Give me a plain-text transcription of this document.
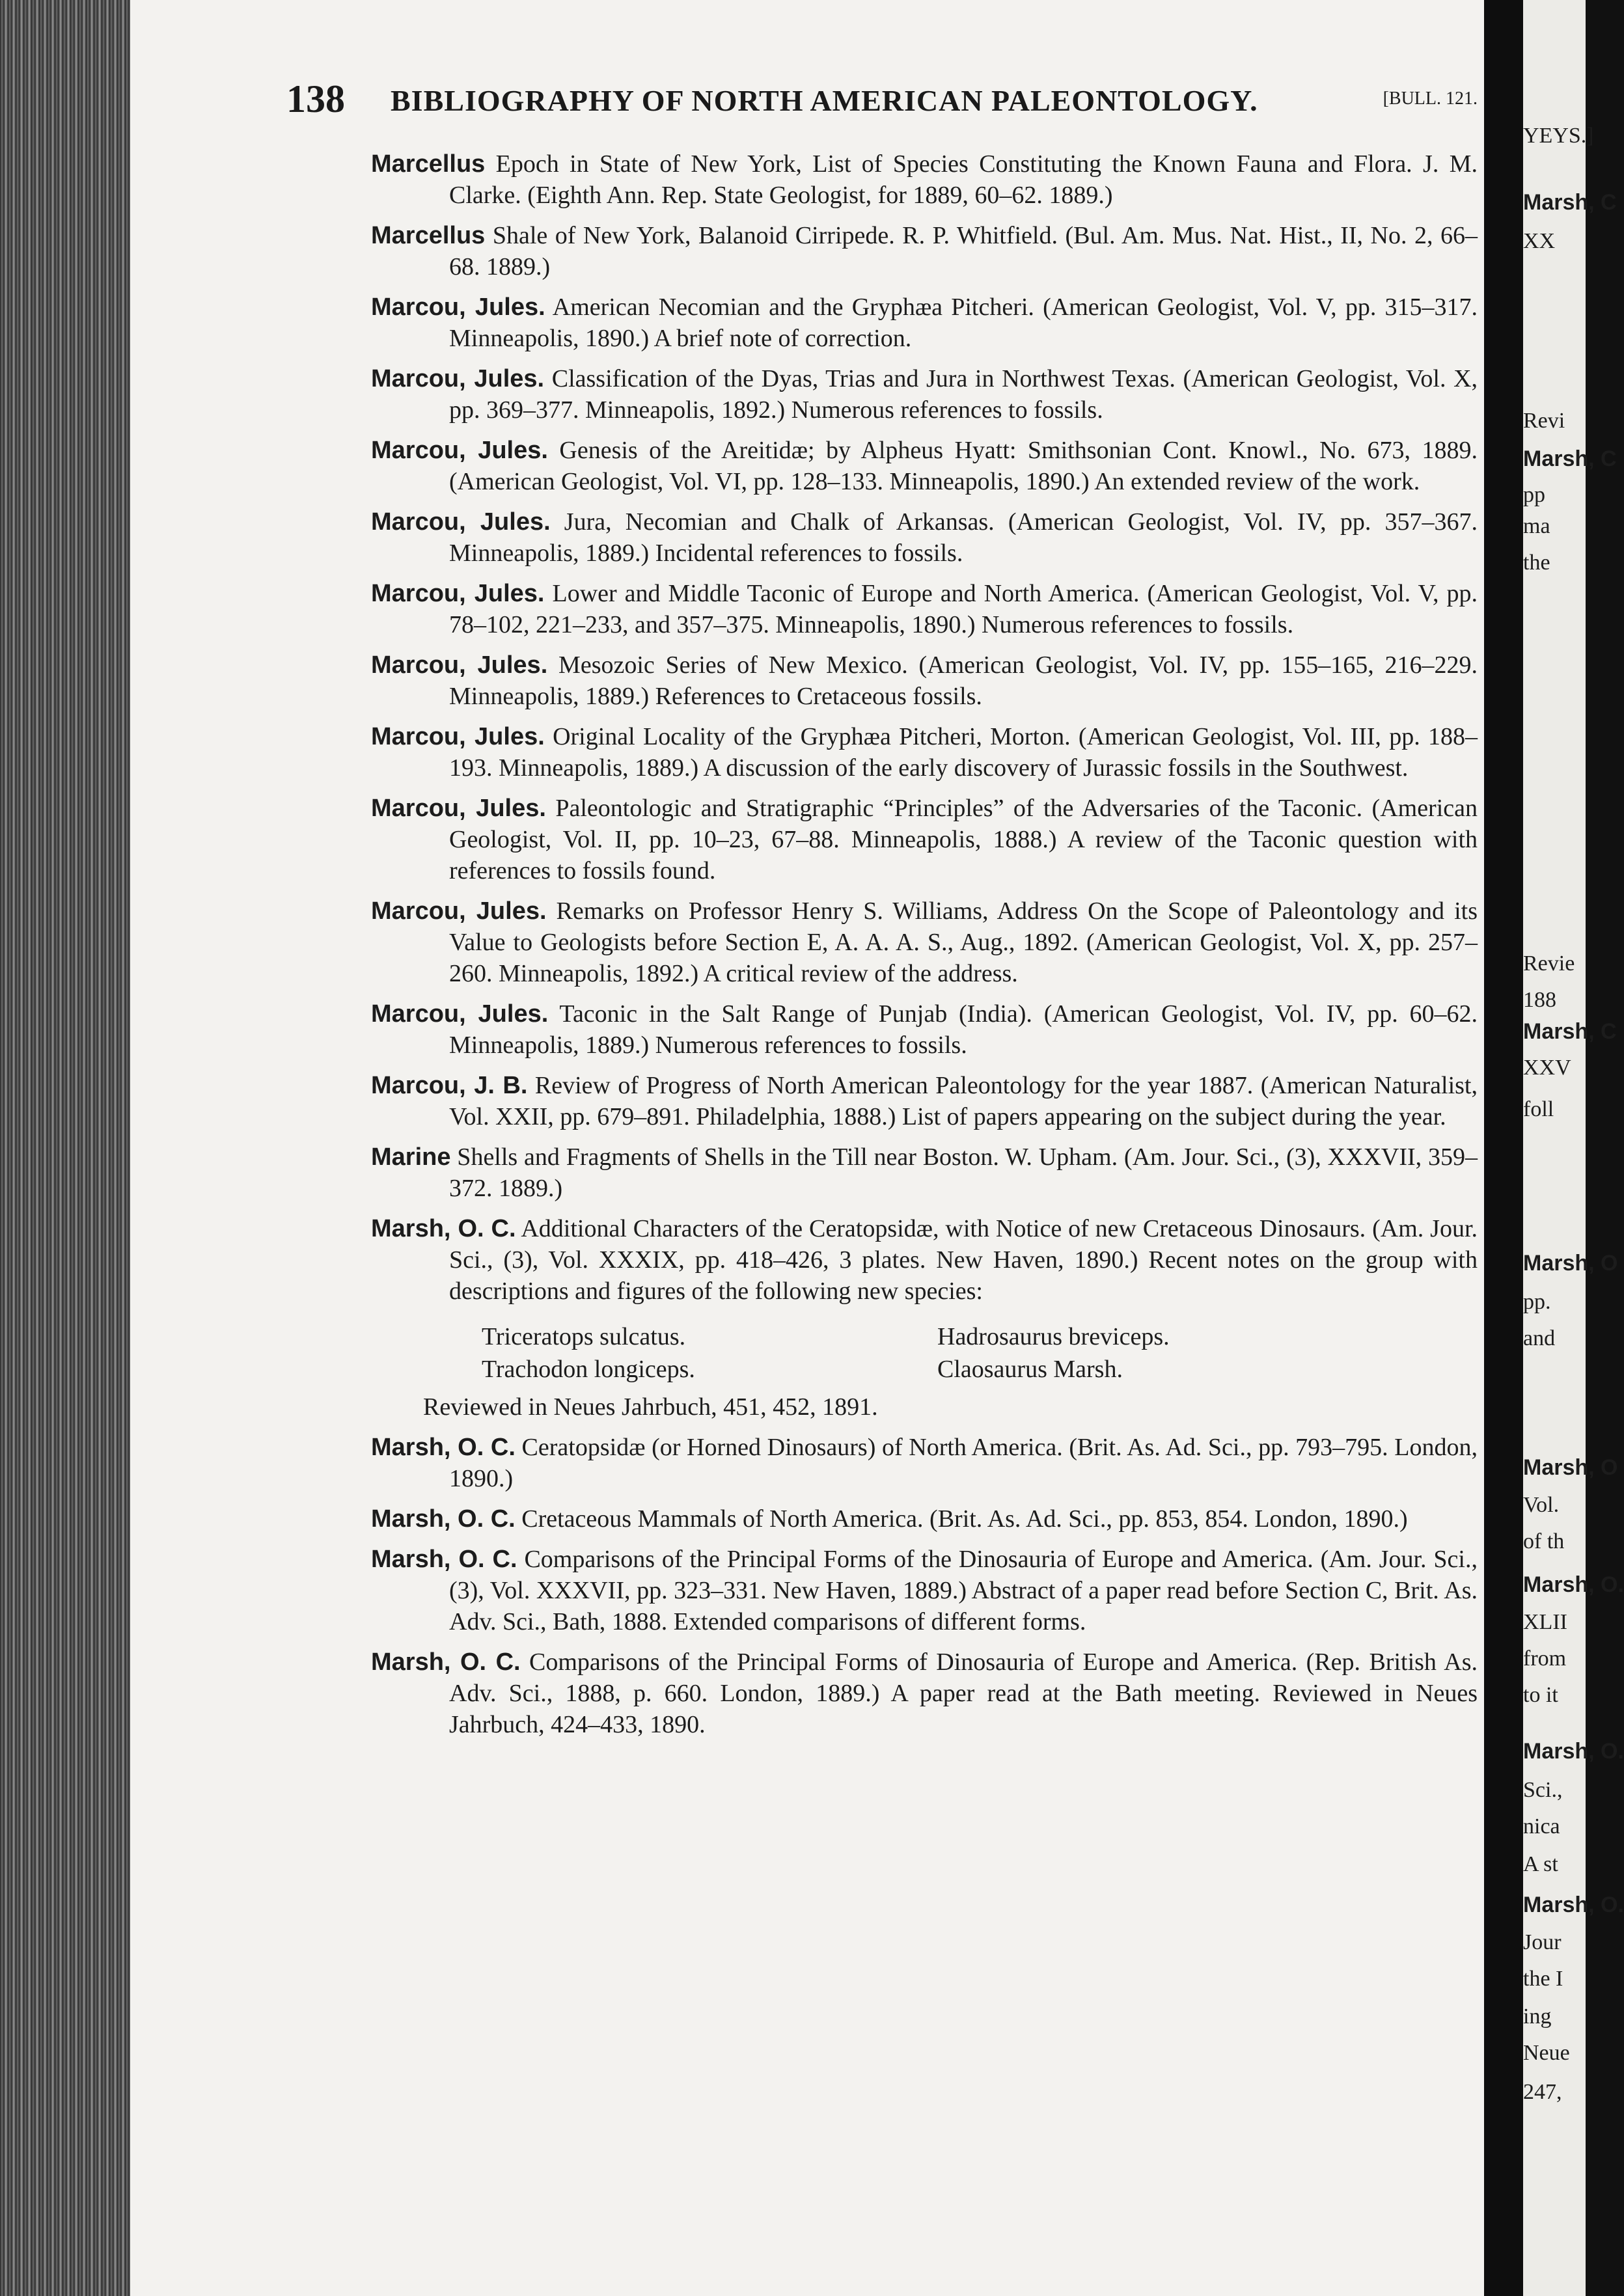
YEYS.]
Marsh, C
XX
Revi
Marsh, C
pp
ma
the
Revie
188
Marsh, C
XXV
foll
Marsh, O
pp.
and
Marsh, O
Vol.
of th
Marsh, O.
XLII
from
to it
Marsh, O.
Sci.,
nica
A st
Marsh, O.
Jour
the I
ing
Neue
247,
138 BIBLIOGRAPHY OF NORTH AMERICAN PALEONTOLOGY.	[BULL. 121.

Marcellus Epoch in State of New York, List of Species Constituting the Known Fauna and Flora. J. M. Clarke. (Eighth Ann. Rep. State Geologist, for 1889, 60–62. 1889.)

Marcellus Shale of New York, Balanoid Cirripede. R. P. Whitfield. (Bul. Am. Mus. Nat. Hist., II, No. 2, 66–68. 1889.)

Marcou, Jules. American Necomian and the Gryphæa Pitcheri. (American Geologist, Vol. V, pp. 315–317. Minneapolis, 1890.) A brief note of correction.

Marcou, Jules. Classification of the Dyas, Trias and Jura in Northwest Texas. (American Geologist, Vol. X, pp. 369–377. Minneapolis, 1892.) Numerous references to fossils.

Marcou, Jules. Genesis of the Areitidæ; by Alpheus Hyatt: Smithsonian Cont. Knowl., No. 673, 1889. (American Geologist, Vol. VI, pp. 128–133. Minneapolis, 1890.) An extended review of the work.

Marcou, Jules. Jura, Necomian and Chalk of Arkansas. (American Geologist, Vol. IV, pp. 357–367. Minneapolis, 1889.) Incidental references to fossils.

Marcou, Jules. Lower and Middle Taconic of Europe and North America. (American Geologist, Vol. V, pp. 78–102, 221–233, and 357–375. Minneapolis, 1890.) Numerous references to fossils.

Marcou, Jules. Mesozoic Series of New Mexico. (American Geologist, Vol. IV, pp. 155–165, 216–229. Minneapolis, 1889.) References to Cretaceous fossils.

Marcou, Jules. Original Locality of the Gryphæa Pitcheri, Morton. (American Geologist, Vol. III, pp. 188–193. Minneapolis, 1889.) A discussion of the early discovery of Jurassic fossils in the Southwest.

Marcou, Jules. Paleontologic and Stratigraphic “Principles” of the Adversaries of the Taconic. (American Geologist, Vol. II, pp. 10–23, 67–88. Minneapolis, 1888.) A review of the Taconic question with references to fossils found.

Marcou, Jules. Remarks on Professor Henry S. Williams, Address On the Scope of Paleontology and its Value to Geologists before Section E, A. A. A. S., Aug., 1892. (American Geologist, Vol. X, pp. 257–260. Minneapolis, 1892.) A critical review of the address.

Marcou, Jules. Taconic in the Salt Range of Punjab (India). (American Geologist, Vol. IV, pp. 60–62. Minneapolis, 1889.) Numerous references to fossils.

Marcou, J. B. Review of Progress of North American Paleontology for the year 1887. (American Naturalist, Vol. XXII, pp. 679–891. Philadelphia, 1888.) List of papers appearing on the subject during the year.

Marine Shells and Fragments of Shells in the Till near Boston. W. Upham. (Am. Jour. Sci., (3), XXXVII, 359–372. 1889.)

Marsh, O. C. Additional Characters of the Ceratopsidæ, with Notice of new Cretaceous Dinosaurs. (Am. Jour. Sci., (3), Vol. XXXIX, pp. 418–426, 3 plates. New Haven, 1890.) Recent notes on the group with descriptions and figures of the following new species:

Triceratops sulcatus.	Hadrosaurus breviceps.
Trachodon longiceps.	Claosaurus Marsh.

Reviewed in Neues Jahrbuch, 451, 452, 1891.

Marsh, O. C. Ceratopsidæ (or Horned Dinosaurs) of North America. (Brit. As. Ad. Sci., pp. 793–795. London, 1890.)

Marsh, O. C. Cretaceous Mammals of North America. (Brit. As. Ad. Sci., pp. 853, 854. London, 1890.)

Marsh, O. C. Comparisons of the Principal Forms of the Dinosauria of Europe and America. (Am. Jour. Sci., (3), Vol. XXXVII, pp. 323–331. New Haven, 1889.) Abstract of a paper read before Section C, Brit. As. Adv. Sci., Bath, 1888. Extended comparisons of different forms.

Marsh, O. C. Comparisons of the Principal Forms of Dinosauria of Europe and America. (Rep. British As. Adv. Sci., 1888, p. 660. London, 1889.) A paper read at the Bath meeting. Reviewed in Neues Jahrbuch, 424–433, 1890.
